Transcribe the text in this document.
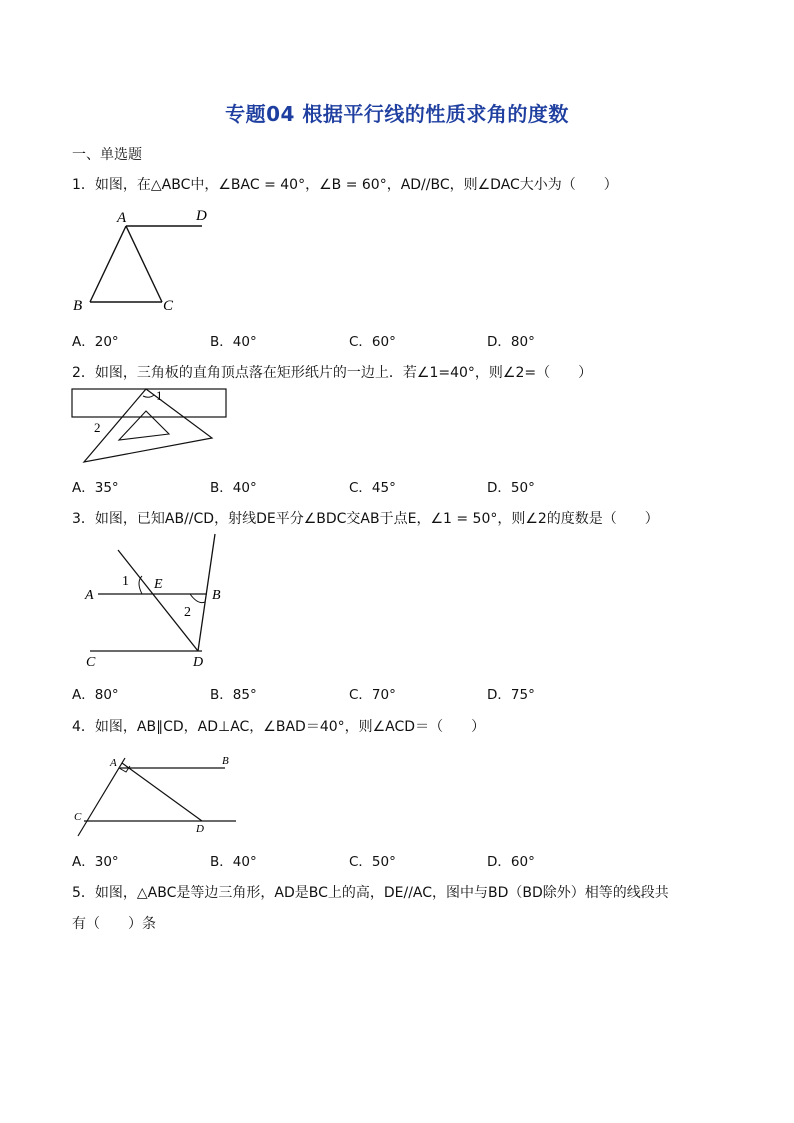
专题04 根据平行线的性质求角的度数
一、单选题
1．如图，在△ABC中，∠BAC = 40°，∠B = 60°，AD//BC，则∠DAC大小为（　　）
A	D
B	C
A．20°	B．40°	C．60°	D．80°
2．如图，三角板的直角顶点落在矩形纸片的一边上．若∠1=40°，则∠2=（　　）
1
2
A．35°	B．40°	C．45°	D．50°
3．如图，已知AB//CD，射线DE平分∠BDC交AB于点E，∠1 = 50°，则∠2的度数是（　　）
A	B
C	D
E
1
2
A．80°	B．85°	C．70°	D．75°
4．如图，AB∥CD，AD⊥AC，∠BAD＝40°，则∠ACD＝（　　）
A	B
C
D
A．30°	B．40°	C．50°	D．60°
5．如图，△ABC是等边三角形，AD是BC上的高，DE//AC，图中与BD（BD除外）相等的线段共
有（　　）条
